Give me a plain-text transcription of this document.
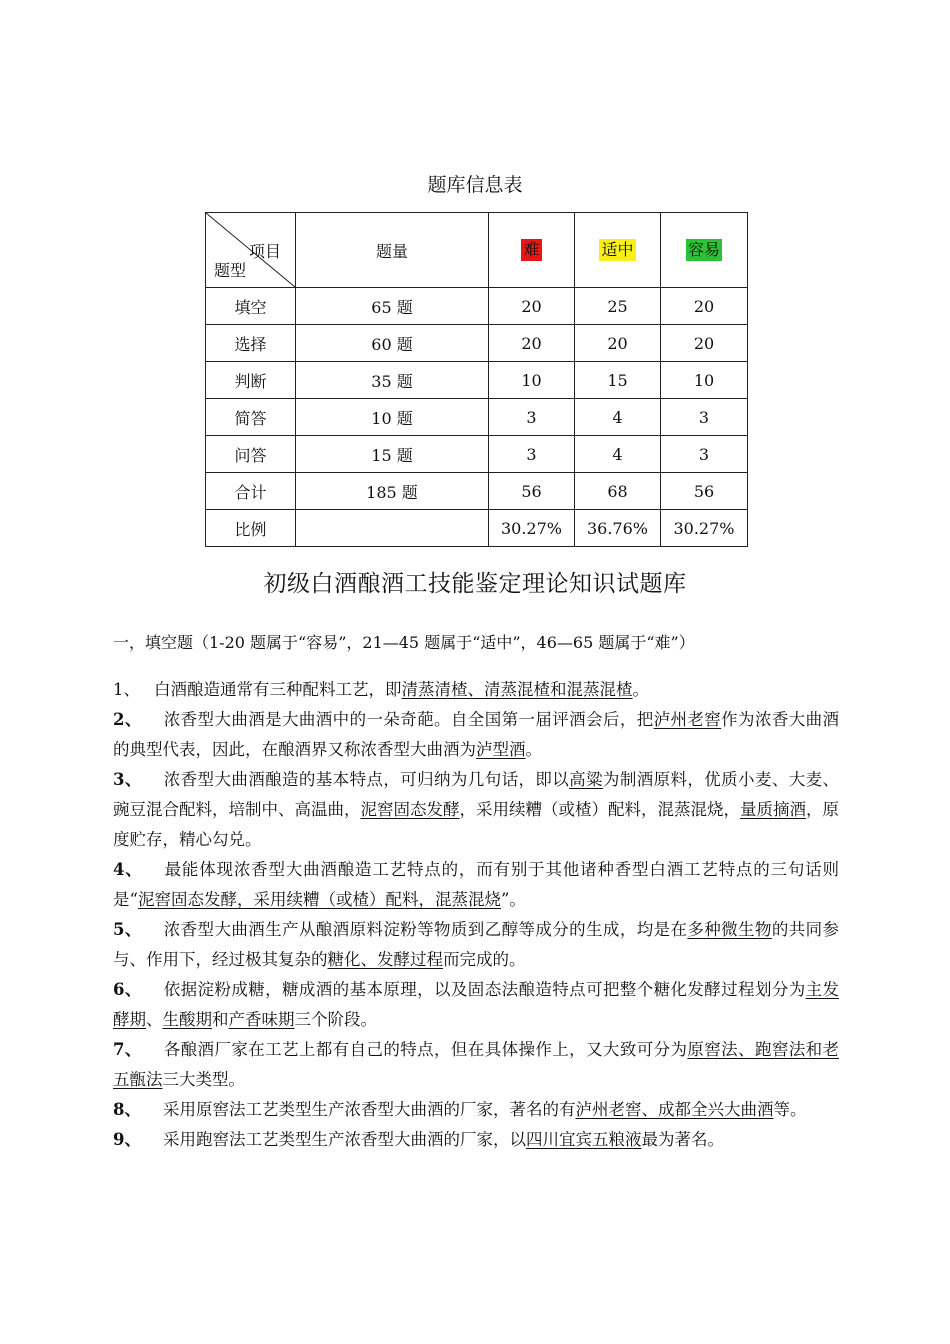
题库信息表
项目
题型	题量	难	适中	容易
填空	65 题	20	25	20
选择	60 题	20	20	20
判断	35 题	10	15	10
简答	10 题	3	4	3
问答	15 题	3	4	3
合计	185 题	56	68	56
比例		30.27%	36.76%	30.27%
初级白酒酿酒工技能鉴定理论知识试题库
一，填空题（1-20 题属于“容易”，21—45 题属于“适中”，46—65 题属于“难”）

1、 白酒酿造通常有三种配料工艺，即清蒸清楂、清蒸混楂和混蒸混楂。

2、 浓香型大曲酒是大曲酒中的一朵奇葩。自全国第一届评酒会后，把泸州老窖作为浓香大曲酒的典型代表，因此，在酿酒界又称浓香型大曲酒为泸型酒。

3、 浓香型大曲酒酿造的基本特点，可归纳为几句话，即以高粱为制酒原料，优质小麦、大麦、豌豆混合配料，培制中、高温曲，泥窖固态发酵，采用续糟（或楂）配料，混蒸混烧，量质摘酒，原度贮存，精心勾兑。

4、 最能体现浓香型大曲酒酿造工艺特点的，而有别于其他诸种香型白酒工艺特点的三句话则是“泥窖固态发酵，采用续糟（或楂）配料，混蒸混烧”。

5、 浓香型大曲酒生产从酿酒原料淀粉等物质到乙醇等成分的生成，均是在多种微生物的共同参与、作用下，经过极其复杂的糖化、发酵过程而完成的。

6、 依据淀粉成糖，糖成酒的基本原理，以及固态法酿造特点可把整个糖化发酵过程划分为主发酵期、生酸期和产香味期三个阶段。

7、 各酿酒厂家在工艺上都有自己的特点，但在具体操作上，又大致可分为原窖法、跑窖法和老五甑法三大类型。

8、 采用原窖法工艺类型生产浓香型大曲酒的厂家，著名的有泸州老窖、成都全兴大曲酒等。

9、 采用跑窖法工艺类型生产浓香型大曲酒的厂家，以四川宜宾五粮液最为著名。
